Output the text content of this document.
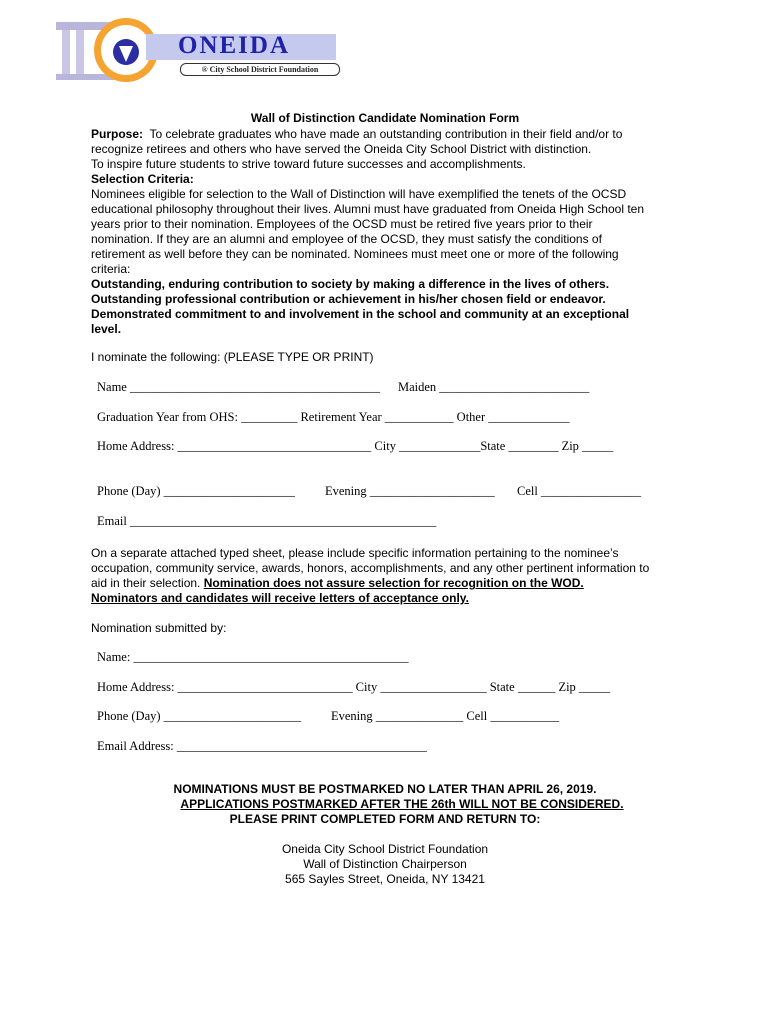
ONEIDA
® City School District Foundation
Wall of Distinction Candidate Nomination Form
Purpose: To celebrate graduates who have made an outstanding contribution in their field and/or to
recognize retirees and others who have served the Oneida City School District with distinction.
To inspire future students to strive toward future successes and accomplishments.
Selection Criteria:
Nominees eligible for selection to the Wall of Distinction will have exemplified the tenets of the OCSD
educational philosophy throughout their lives. Alumni must have graduated from Oneida High School ten
years prior to their nomination. Employees of the OCSD must be retired five years prior to their
nomination. If they are an alumni and employee of the OCSD, they must satisfy the conditions of
retirement as well before they can be nominated. Nominees must meet one or more of the following
criteria:
Outstanding, enduring contribution to society by making a difference in the lives of others.
Outstanding professional contribution or achievement in his/her chosen field or endeavor.
Demonstrated commitment to and involvement in the school and community at an exceptional
level.
I nominate the following: (PLEASE TYPE OR PRINT)
Name ________________________________________ Maiden ________________________
Graduation Year from OHS: _________ Retirement Year ___________ Other _____________
Home Address: _______________________________ City _____________State ________ Zip _____
Phone (Day) _____________________ Evening ____________________ Cell ________________
Email _________________________________________________
On a separate attached typed sheet, please include specific information pertaining to the nominee’s
occupation, community service, awards, honors, accomplishments, and any other pertinent information to
aid in their selection. Nomination does not assure selection for recognition on the WOD.
Nominators and candidates will receive letters of acceptance only.
Nomination submitted by:
Name: ____________________________________________
Home Address: ____________________________ City _________________ State ______ Zip _____
Phone (Day) ______________________ Evening ______________ Cell ___________
Email Address: ________________________________________
NOMINATIONS MUST BE POSTMARKED NO LATER THAN APRIL 26, 2019.
APPLICATIONS POSTMARKED AFTER THE 26th WILL NOT BE CONSIDERED.
PLEASE PRINT COMPLETED FORM AND RETURN TO:
Oneida City School District Foundation
Wall of Distinction Chairperson
565 Sayles Street, Oneida, NY 13421
